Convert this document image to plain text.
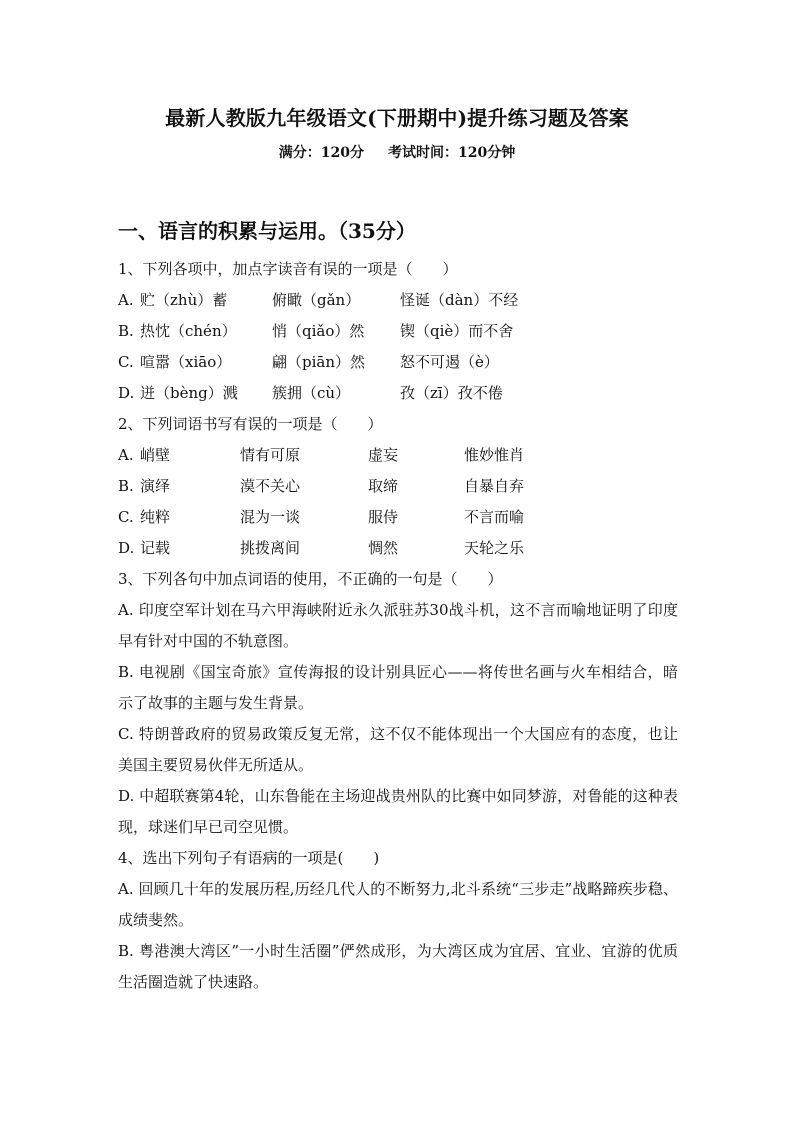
最新人教版九年级语文(下册期中)提升练习题及答案
满分：120分 考试时间：120分钟
一、语言的积累与运用。（35分）
1、下列各项中，加点字读音有误的一项是（　　）
A. 贮（zhù）蓄	俯瞰（gǎn）	怪诞（dàn）不经
B. 热忱（chén） 悄（qiǎo）然 锲（qiè）而不舍
C. 喧嚣（xiāo）	翩（piān）然 怒不可遏（è）
D. 迸（bèng）溅 簇拥（cù）	孜（zī）孜不倦
2、下列词语书写有误的一项是（　　）
A. 峭壁	情有可原	虚妄	惟妙惟肖
B. 演绎	漠不关心	取缔	自暴自弃
C. 纯粹	混为一谈	服侍	不言而喻
D. 记载	挑拨离间	惆然	天轮之乐
3、下列各句中加点词语的使用，不正确的一句是（　　）
A. 印度空军计划在马六甲海峡附近永久派驻苏30战斗机，这不言而喻地证明了印度早有针对中国的不轨意图。
B. 电视剧《国宝奇旅》宣传海报的设计别具匠心——将传世名画与火车相结合，暗示了故事的主题与发生背景。
C. 特朗普政府的贸易政策反复无常，这不仅不能体现出一个大国应有的态度，也让美国主要贸易伙伴无所适从。
D. 中超联赛第4轮，山东鲁能在主场迎战贵州队的比赛中如同梦游，对鲁能的这种表现，球迷们早已司空见惯。
4、选出下列句子有语病的一项是(　　)
A. 回顾几十年的发展历程,历经几代人的不断努力,北斗系统“三步走”战略蹄疾步稳、成绩斐然。
B. 粤港澳大湾区”一小时生活圈”俨然成形，为大湾区成为宜居、宜业、宜游的优质生活圈造就了快速路。
